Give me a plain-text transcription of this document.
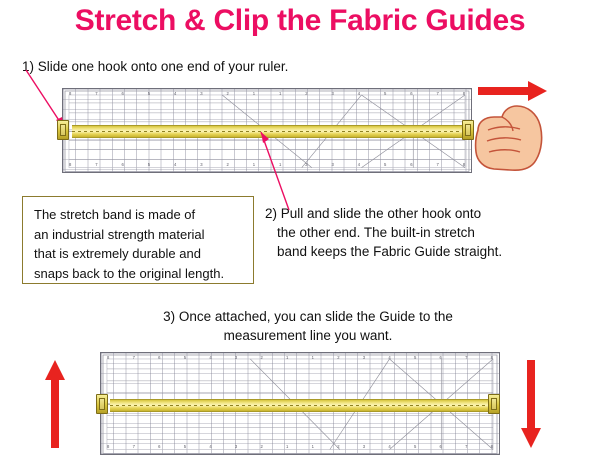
Stretch & Clip the Fabric Guides
1) Slide one hook onto one end of your ruler.
8	7	6	5	4	3	2	1	1	2	3	4	5	6	7	8
8	7	6	5	4	3	2	1	1	2	3	4	5	6	7	8
The stretch band is made of
an industrial strength material
that is extremely durable and
snaps back to the original length.
2) Pull and slide the other hook onto
the other end. The built-in stretch
band keeps the Fabric Guide straight.
3) Once attached, you can slide the Guide to the
measurement line you want.
8	7	6	5	4	3	2	1	1	2	3	4	5	6	7	8
8	7	6	5	4	3	2	1	1	2	3	4	5	6	7	8
